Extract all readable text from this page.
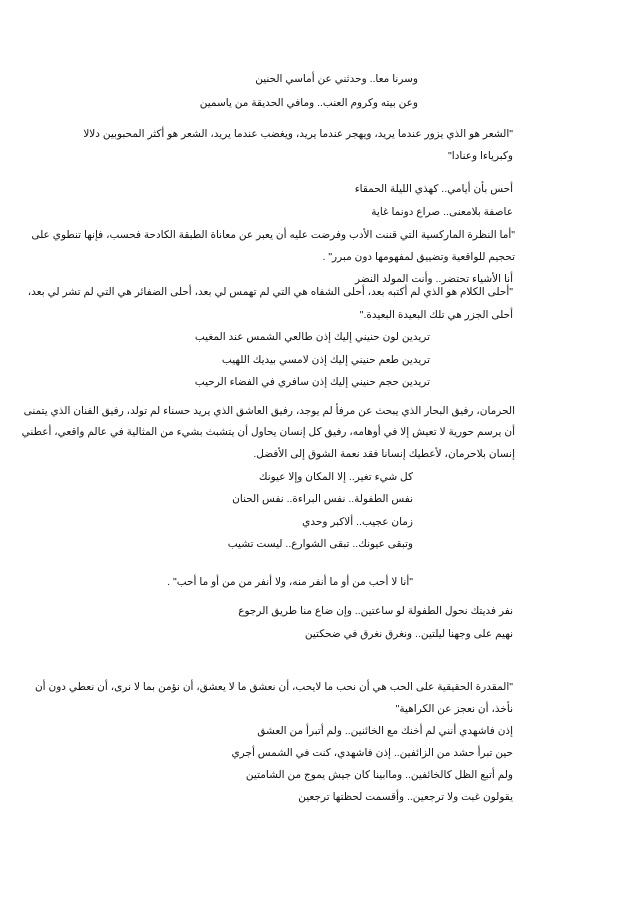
وسرنا معا.. وحدثني عن أماسي الحنين
وعن بيته وكروم العنب.. ومافي الحديقة من ياسمين
"الشعر هو الذي يزور عندما يريد، ويهجر عندما يريد، ويغضب عندما يريد، الشعر هو أكثر المحبوبين دلالا
وكبرياءا وعنادا"
أحس بأن أيامي.. كهذي الليلة الحمقاء
عاصفة بلامعنى.. صراع دونما غاية
"أما النظرة الماركسية التي قننت الأدب وفرضت عليه أن يعبر عن معاناة الطبقة الكادحة فحسب، فإنها تنطوي على
تحجيم للواقعية وتضييق لمفهومها دون مبرر" .
أنا الأشياء تحتضر.. وأنت المولد النضر
"أحلى الكلام هو الذي لم أكتبه بعد، أحلى الشفاه هي التي لم تهمس لي بعد، أحلى الضفائر هي التي لم تشر لي بعد،
أحلى الجزر هي تلك البعيدة البعيدة."
تريدين لون حنيني إليك إذن طالعي الشمس عند المغيب
تريدين طعم حنيني إليك إذن لامسي بيديك اللهيب
تريدين حجم حنيني إليك إذن سافري في الفضاء الرحيب
الحرمان، رفيق البحار الذي يبحث عن مرفأ لم يوجد، رفيق العاشق الذي يريد حسناء لم تولد، رفيق الفنان الذي يتمنى
أن يرسم حورية لا تعيش إلا في أوهامه، رفيق كل إنسان يحاول أن يتشبث بشيء من المثالية في عالم واقعي، أعطني
إنسان بلاحرمان، لأعطيك إنسانا فقد نعمة الشوق إلى الأفضل.
كل شيء تغير.. إلا المكان وإلا عيونك
نفس الطفولة.. نفس البراءة.. نفس الحنان
زمان عجيب.. ألاكبر وحدي
وتبقى عيونك.. تبقى الشوارع.. ليست تشيب
"أنا لا أحب من أو ما أنفر منه، ولا أنفر من من أو ما أحب" .
نفر فديتك نحول الطفولة لو ساعتين.. وإن ضاع منا طريق الرجوع
نهيم على وجهنا ليلتين.. ونغرق نغرق في ضحكتين
"المقدرة الحقيقية على الحب هي أن نحب ما لايحب، أن نعشق ما لا يعشق، أن نؤمن بما لا نرى، أن نعطي دون أن
نأخذ، أن نعجز عن الكراهية"
إذن فاشهدي أنني لم أخنك مع الخائنين.. ولم أتبرأ من العشق
حين تبرأ حشد من الزائفين.. إذن فاشهدي، كنت في الشمس أجري
ولم أتبع الظل كالخائفين.. وماابينا كان جيش يموج من الشامتين
يقولون غبت ولا ترجعين.. وأقسمت لحظتها ترجعين
